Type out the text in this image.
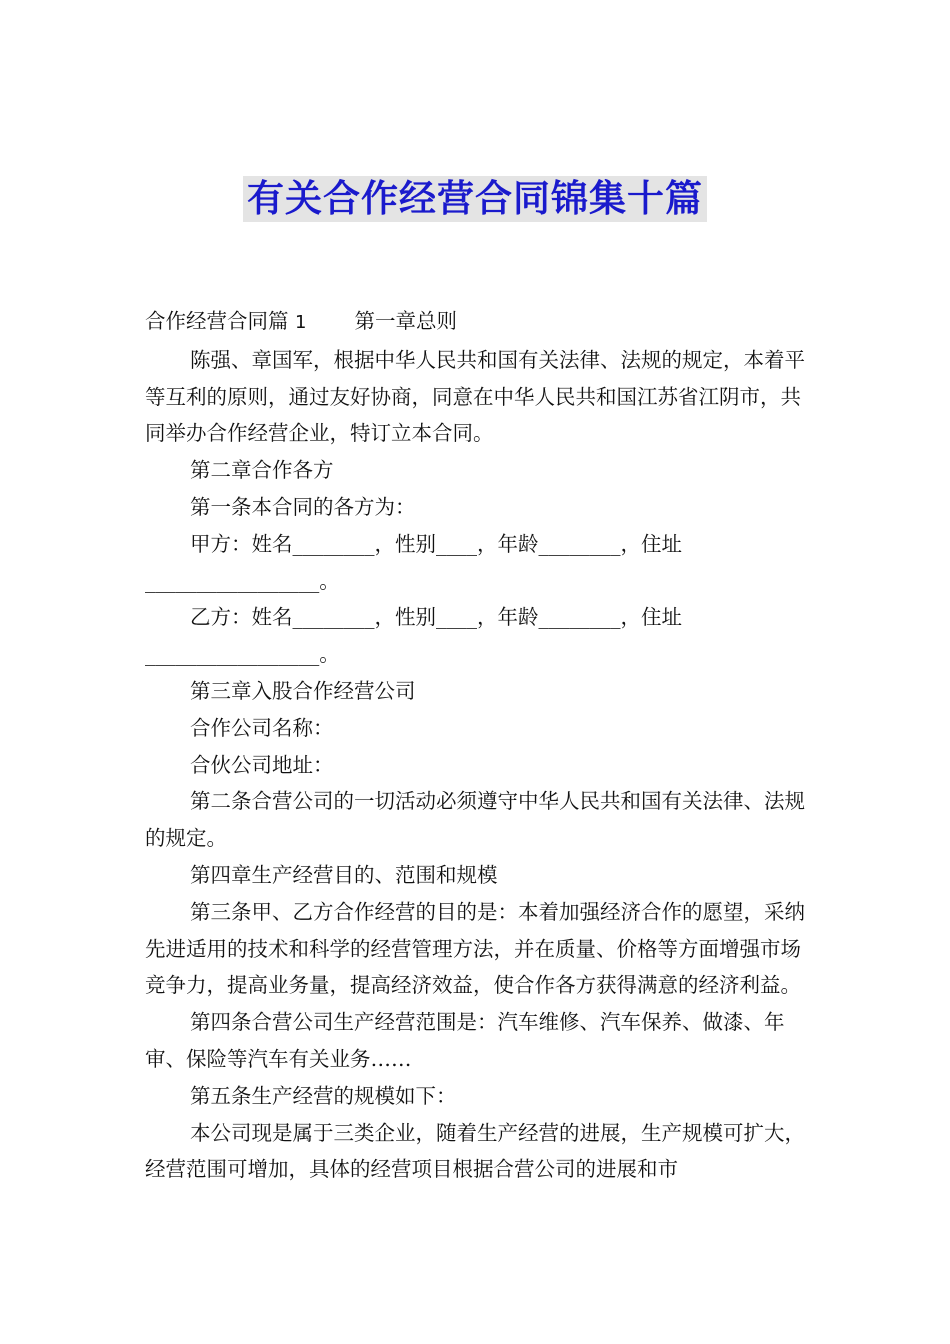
有关合作经营合同锦集十篇

合作经营合同篇 1 第一章总则

陈强、章国军，根据中华人民共和国有关法律、法规的规定，本着平等互利的原则，通过友好协商，同意在中华人民共和国江苏省江阴市，共同举办合作经营企业，特订立本合同。

第二章合作各方

第一条本合同的各方为：

甲方：姓名________，性别____，年龄________，住址_________________。

乙方：姓名________，性别____，年龄________，住址_________________。

第三章入股合作经营公司

合作公司名称：

合伙公司地址：

第二条合营公司的一切活动必须遵守中华人民共和国有关法律、法规的规定。

第四章生产经营目的、范围和规模

第三条甲、乙方合作经营的目的是：本着加强经济合作的愿望，采纳先进适用的技术和科学的经营管理方法，并在质量、价格等方面增强市场竞争力，提高业务量，提高经济效益，使合作各方获得满意的经济利益。

第四条合营公司生产经营范围是：汽车维修、汽车保养、做漆、年审、保险等汽车有关业务……

第五条生产经营的规模如下：

本公司现是属于三类企业，随着生产经营的进展，生产规模可扩大，经营范围可增加，具体的经营项目根据合营公司的进展和市
